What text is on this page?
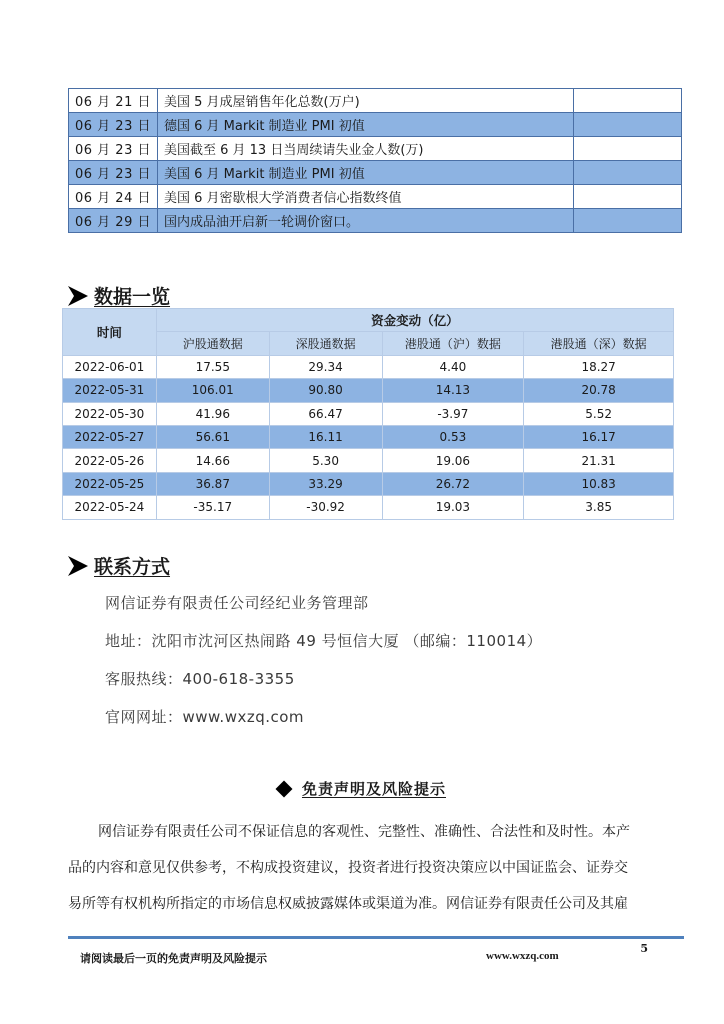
06 月 21 日	美国 5 月成屋销售年化总数(万户)	
06 月 23 日	德国 6 月 Markit 制造业 PMI 初值	
06 月 23 日	美国截至 6 月 13 日当周续请失业金人数(万)	
06 月 23 日	美国 6 月 Markit 制造业 PMI 初值	
06 月 24 日	美国 6 月密歇根大学消费者信心指数终值	
06 月 29 日	国内成品油开启新一轮调价窗口。	
数据一览
时间	资金变动（亿）			
	沪股通数据	深股通数据	港股通（沪）数据	港股通（深）数据
2022-06-01	17.55	29.34	4.40	18.27
2022-05-31	106.01	90.80	14.13	20.78
2022-05-30	41.96	66.47	-3.97	5.52
2022-05-27	56.61	16.11	0.53	16.17
2022-05-26	14.66	5.30	19.06	21.31
2022-05-25	36.87	33.29	26.72	10.83
2022-05-24	-35.17	-30.92	19.03	3.85
联系方式
网信证券有限责任公司经纪业务管理部
地址：沈阳市沈河区热闹路 49 号恒信大厦 （邮编：110014）
客服热线：400-618-3355
官网网址：www.wxzq.com
免责声明及风险提示
网信证券有限责任公司不保证信息的客观性、完整性、准确性、合法性和及时性。本产
品的内容和意见仅供参考，不构成投资建议，投资者进行投资决策应以中国证监会、证券交
易所等有权机构所指定的市场信息权威披露媒体或渠道为准。网信证券有限责任公司及其雇
5
请阅读最后一页的免责声明及风险提示	www.wxzq.com
